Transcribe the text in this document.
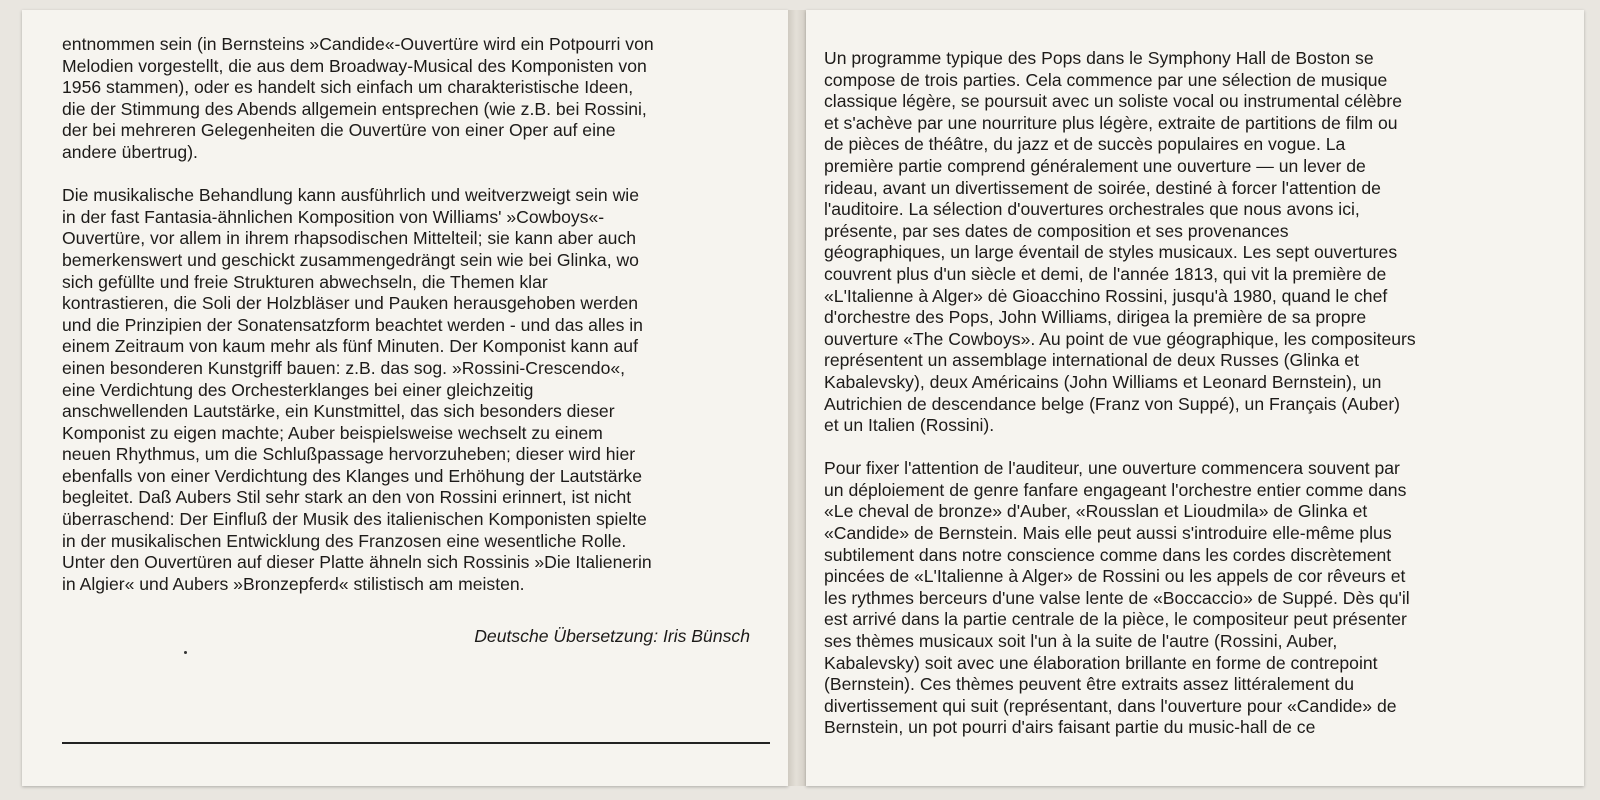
entnommen sein (in Bernsteins »Candide«-Ouvertüre wird ein Potpourri von
Melodien vorgestellt, die aus dem Broadway-Musical des Komponisten von
1956 stammen), oder es handelt sich einfach um charakteristische Ideen,
die der Stimmung des Abends allgemein entsprechen (wie z.B. bei Rossini,
der bei mehreren Gelegenheiten die Ouvertüre von einer Oper auf eine
andere übertrug).

Die musikalische Behandlung kann ausführlich und weitverzweigt sein wie
in der fast Fantasia-ähnlichen Komposition von Williams' »Cowboys«-
Ouvertüre, vor allem in ihrem rhapsodischen Mittelteil; sie kann aber auch
bemerkenswert und geschickt zusammengedrängt sein wie bei Glinka, wo
sich gefüllte und freie Strukturen abwechseln, die Themen klar
kontrastieren, die Soli der Holzbläser und Pauken herausgehoben werden
und die Prinzipien der Sonatensatzform beachtet werden - und das alles in
einem Zeitraum von kaum mehr als fünf Minuten. Der Komponist kann auf
einen besonderen Kunstgriff bauen: z.B. das sog. »Rossini-Crescendo«,
eine Verdichtung des Orchesterklanges bei einer gleichzeitig
anschwellenden Lautstärke, ein Kunstmittel, das sich besonders dieser
Komponist zu eigen machte; Auber beispielsweise wechselt zu einem
neuen Rhythmus, um die Schlußpassage hervorzuheben; dieser wird hier
ebenfalls von einer Verdichtung des Klanges und Erhöhung der Lautstärke
begleitet. Daß Aubers Stil sehr stark an den von Rossini erinnert, ist nicht
überraschend: Der Einfluß der Musik des italienischen Komponisten spielte
in der musikalischen Entwicklung des Franzosen eine wesentliche Rolle.
Unter den Ouvertüren auf dieser Platte ähneln sich Rossinis »Die Italienerin
in Algier« und Aubers »Bronzepferd« stilistisch am meisten.

Deutsche Übersetzung: Iris Bünsch

Un programme typique des Pops dans le Symphony Hall de Boston se
compose de trois parties. Cela commence par une sélection de musique
classique légère, se poursuit avec un soliste vocal ou instrumental célèbre
et s'achève par une nourriture plus légère, extraite de partitions de film ou
de pièces de théâtre, du jazz et de succès populaires en vogue. La
première partie comprend généralement une ouverture — un lever de
rideau, avant un divertissement de soirée, destiné à forcer l'attention de
l'auditoire. La sélection d'ouvertures orchestrales que nous avons ici,
présente, par ses dates de composition et ses provenances
géographiques, un large éventail de styles musicaux. Les sept ouvertures
couvrent plus d'un siècle et demi, de l'année 1813, qui vit la première de
«L'Italienne à Alger» dė Gioacchino Rossini, jusqu'à 1980, quand le chef
d'orchestre des Pops, John Williams, dirigea la première de sa propre
ouverture «The Cowboys». Au point de vue géographique, les compositeurs
représentent un assemblage international de deux Russes (Glinka et
Kabalevsky), deux Américains (John Williams et Leonard Bernstein), un
Autrichien de descendance belge (Franz von Suppé), un Français (Auber)
et un Italien (Rossini).

Pour fixer l'attention de l'auditeur, une ouverture commencera souvent par
un déploiement de genre fanfare engageant l'orchestre entier comme dans
«Le cheval de bronze» d'Auber, «Rousslan et Lioudmila» de Glinka et
«Candide» de Bernstein. Mais elle peut aussi s'introduire elle-même plus
subtilement dans notre conscience comme dans les cordes discrètement
pincées de «L'Italienne à Alger» de Rossini ou les appels de cor rêveurs et
les rythmes berceurs d'une valse lente de «Boccaccio» de Suppé. Dès qu'il
est arrivé dans la partie centrale de la pièce, le compositeur peut présenter
ses thèmes musicaux soit l'un à la suite de l'autre (Rossini, Auber,
Kabalevsky) soit avec une élaboration brillante en forme de contrepoint
(Bernstein). Ces thèmes peuvent être extraits assez littéralement du
divertissement qui suit (représentant, dans l'ouverture pour «Candide» de
Bernstein, un pot pourri d'airs faisant partie du music-hall de ce
